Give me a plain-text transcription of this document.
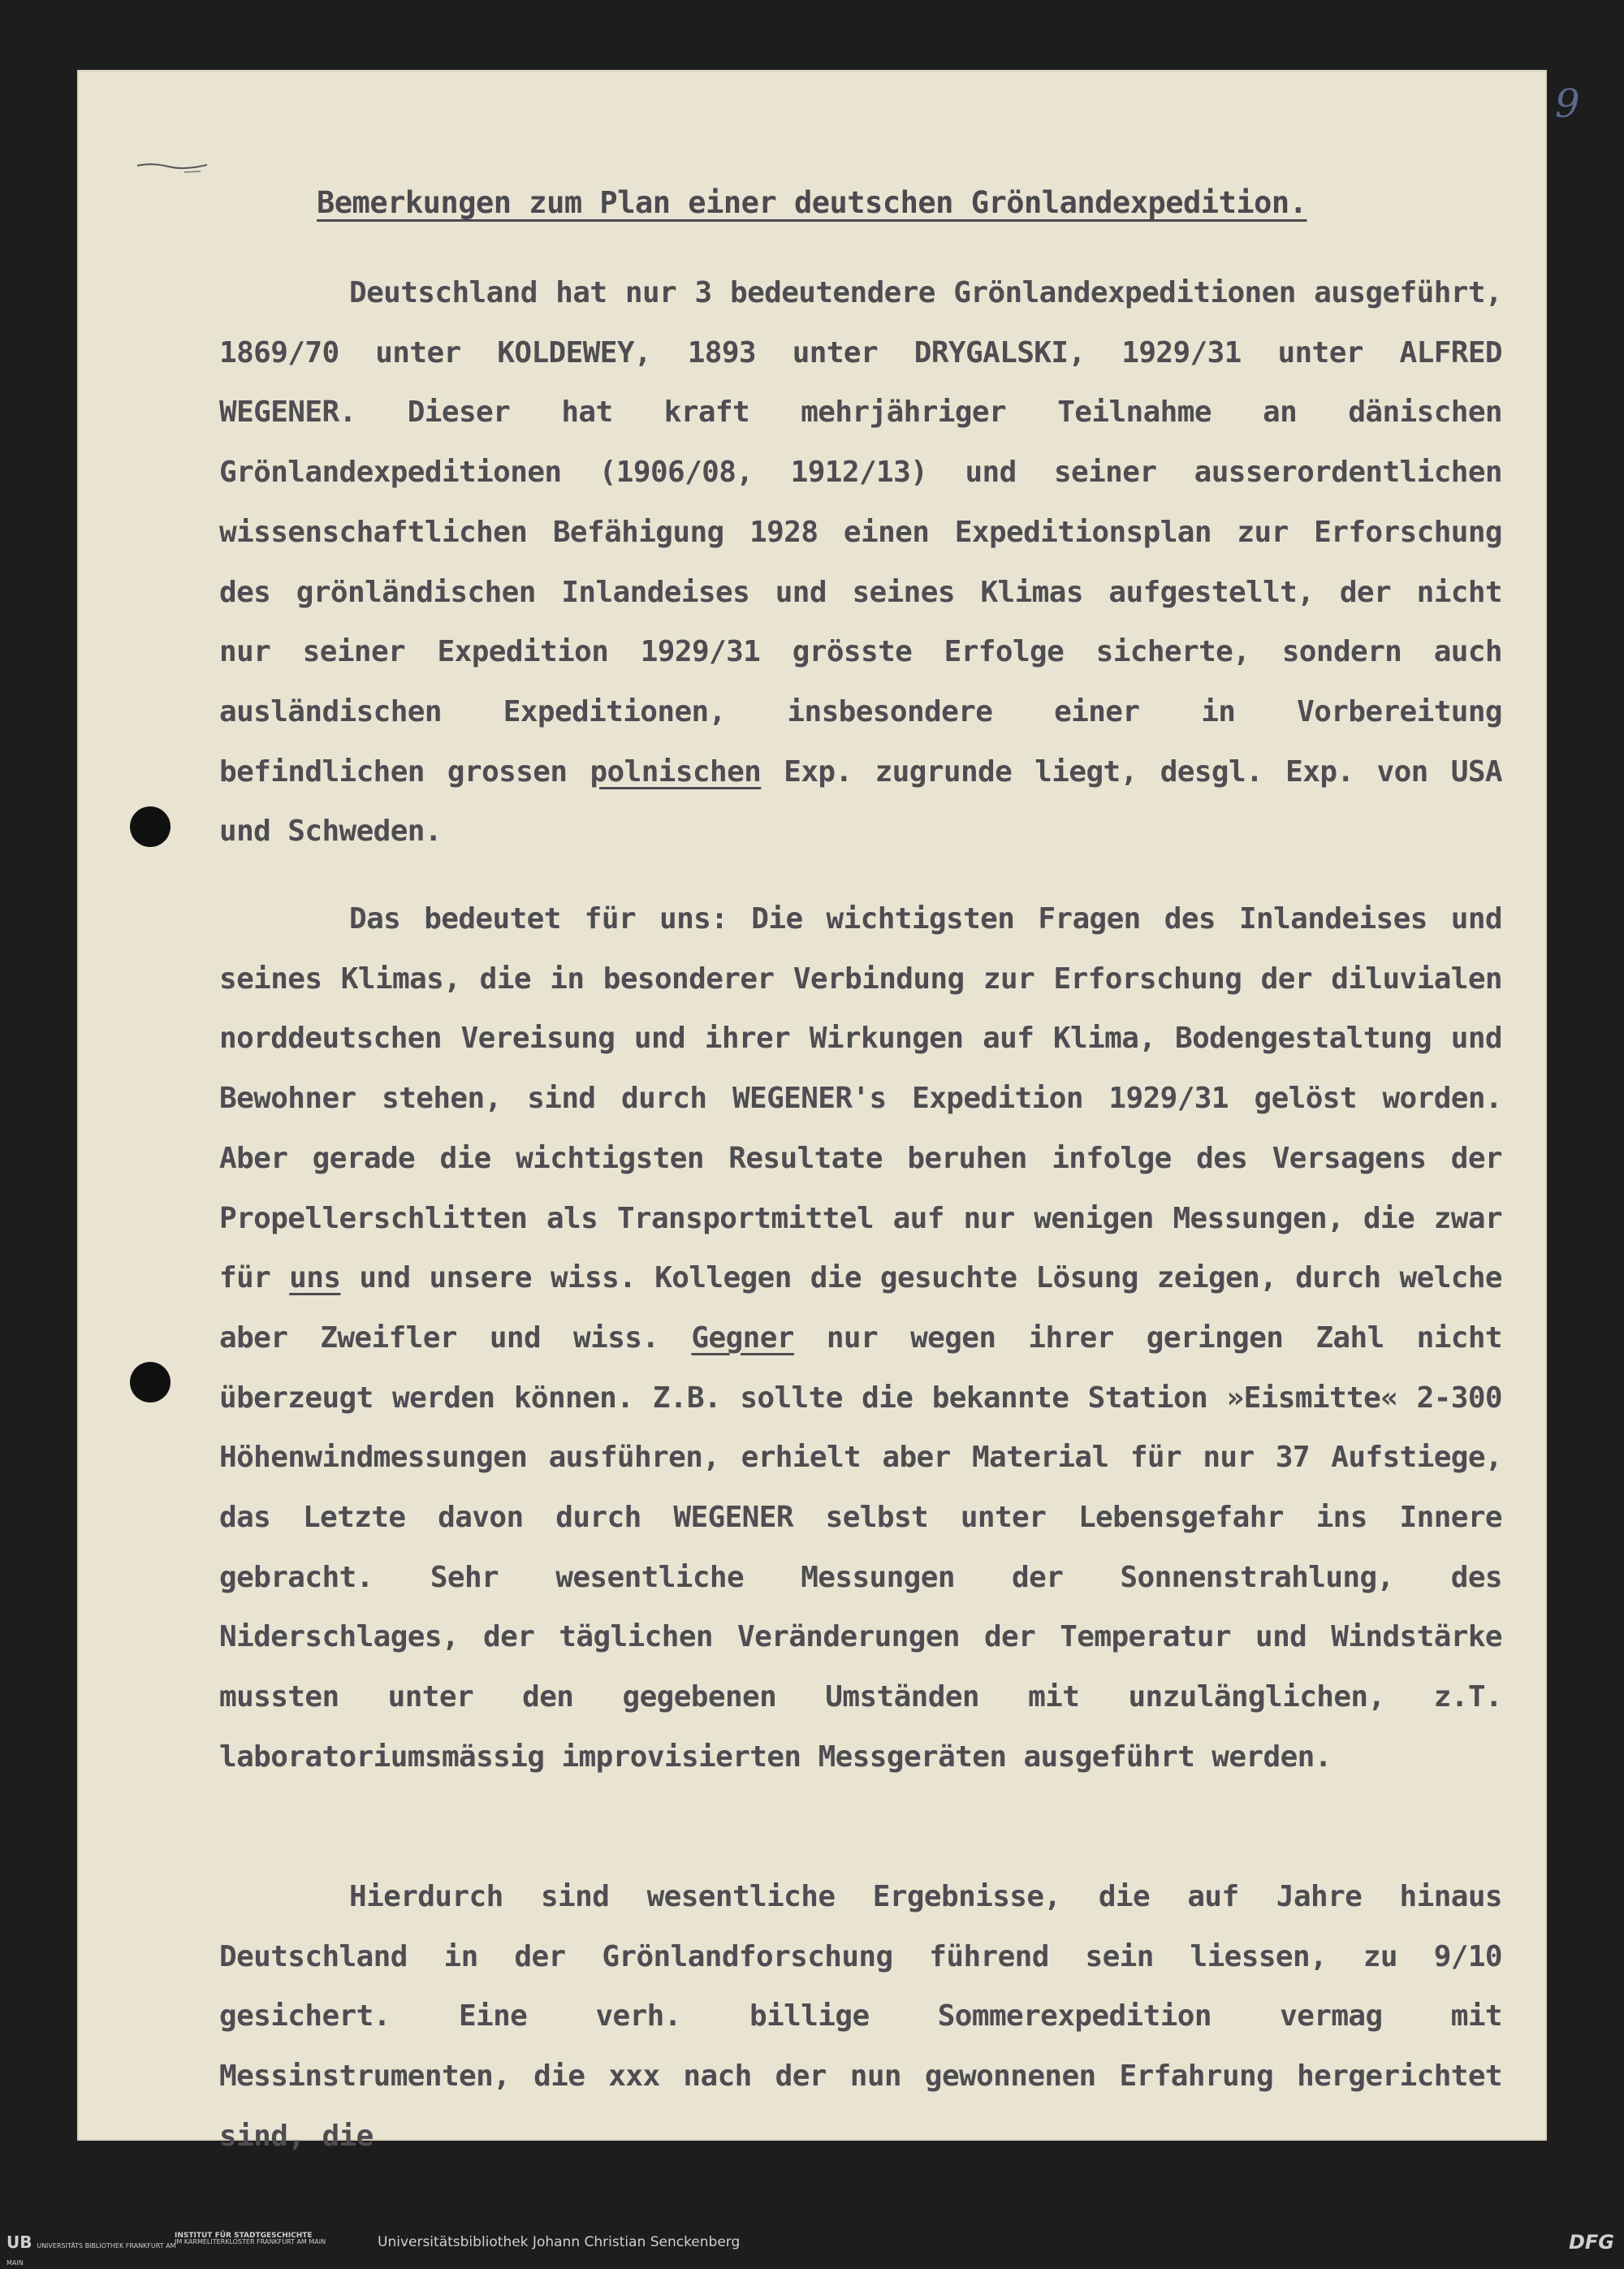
9
Bemerkungen zum Plan einer deutschen Grönlandexpedition.
Deutschland hat nur 3 bedeutendere Grönlandexpeditionen ausgeführt, 1869/70 unter KOLDEWEY, 1893 unter DRYGALSKI, 1929/31 unter ALFRED WEGENER. Dieser hat kraft mehrjähriger Teilnahme an dänischen Grönlandexpeditionen (1906/08, 1912/13) und seiner ausserordentlichen wissenschaftlichen Befähigung 1928 einen Expeditionsplan zur Erforschung des grönländischen Inlandeises und seines Klimas aufgestellt, der nicht nur seiner Expedition 1929/31 grösste Erfolge sicherte, sondern auch ausländischen Expeditionen, insbesondere einer in Vorbereitung befindlichen grossen polnischen Exp. zugrunde liegt, desgl. Exp. von USA und Schweden.
Das bedeutet für uns: Die wichtigsten Fragen des Inlandeises und seines Klimas, die in besonderer Verbindung zur Erforschung der diluvialen norddeutschen Vereisung und ihrer Wirkungen auf Klima, Bodengestaltung und Bewohner stehen, sind durch WEGENER's Expedition 1929/31 gelöst worden. Aber gerade die wichtigsten Resultate beruhen infolge des Versagens der Propellerschlitten als Transportmittel auf nur wenigen Messungen, die zwar für uns und unsere wiss. Kollegen die gesuchte Lösung zeigen, durch welche aber Zweifler und wiss. Gegner nur wegen ihrer geringen Zahl nicht überzeugt werden können. Z.B. sollte die bekannte Station »Eismitte« 2-300 Höhenwindmessungen ausführen, erhielt aber Material für nur 37 Aufstiege, das Letzte davon durch WEGENER selbst unter Lebensgefahr ins Innere gebracht. Sehr wesentliche Messungen der Sonnenstrahlung, des Niderschlages, der täglichen Veränderungen der Temperatur und Windstärke mussten unter den gegebenen Umständen mit unzulänglichen, z.T. laboratoriumsmässig improvisierten Messgeräten ausgeführt werden.
Hierdurch sind wesentliche Ergebnisse, die auf Jahre hinaus Deutschland in der Grönlandforschung führend sein liessen, zu 9/10 gesichert. Eine verh. billige Sommerexpedition vermag mit Messinstrumenten, die xxx nach der nun gewonnenen Erfahrung hergerichtet sind, die
UB UNIVERSITÄTS BIBLIOTHEK FRANKFURT AM MAIN
INSTITUT FÜR STADTGESCHICHTE
IM KARMELITERKLOSTER FRANKFURT AM MAIN	Universitätsbibliothek Johann Christian Senckenberg	DFG
